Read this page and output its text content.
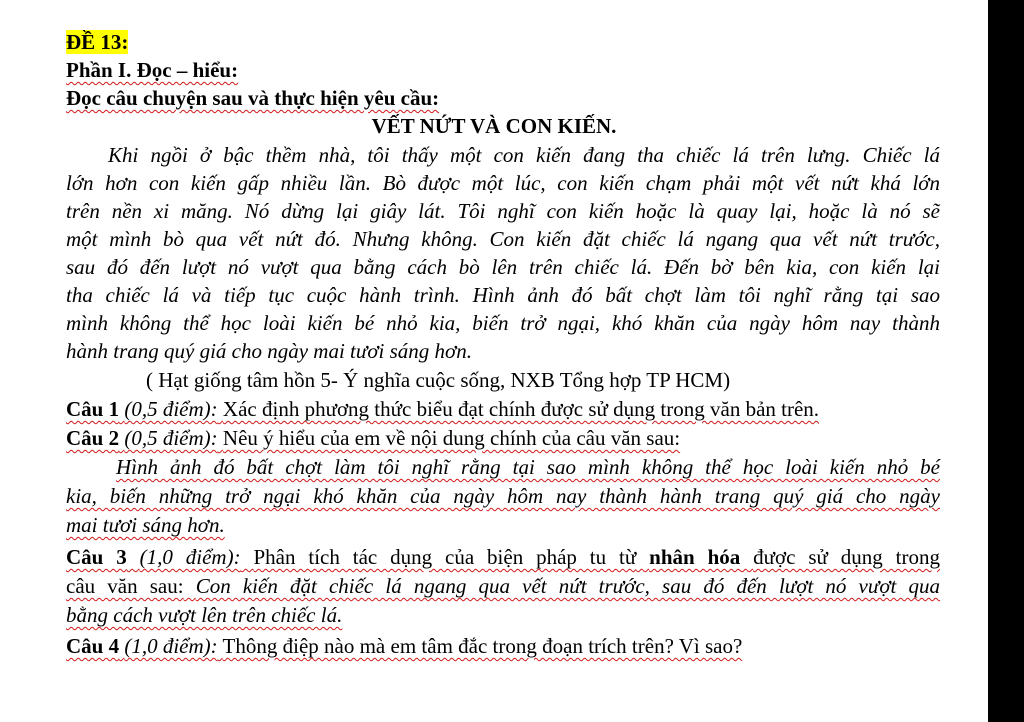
ĐỀ 13:
Phần I. Đọc – hiểu:
Đọc câu chuyện sau và thực hiện yêu cầu:
VẾT NỨT VÀ CON KIẾN.
Khi ngồi ở bậc thềm nhà, tôi thấy một con kiến đang tha chiếc lá trên lưng. Chiếc lá
lớn hơn con kiến gấp nhiều lần. Bò được một lúc, con kiến chạm phải một vết nứt khá lớn
trên nền xi măng. Nó dừng lại giây lát. Tôi nghĩ con kiến hoặc là quay lại, hoặc là nó sẽ
một mình bò qua vết nứt đó. Nhưng không. Con kiến đặt chiếc lá ngang qua vết nứt trước,
sau đó đến lượt nó vượt qua bằng cách bò lên trên chiếc lá. Đến bờ bên kia, con kiến lại
tha chiếc lá và tiếp tục cuộc hành trình. Hình ảnh đó bất chợt làm tôi nghĩ rằng tại sao
mình không thể học loài kiến bé nhỏ kia, biến trở ngại, khó khăn của ngày hôm nay thành
hành trang quý giá cho ngày mai tươi sáng hơn.
( Hạt giống tâm hồn 5- Ý nghĩa cuộc sống, NXB Tổng hợp TP HCM)
Câu 1 (0,5 điểm): Xác định phương thức biểu đạt chính được sử dụng trong văn bản trên.
Câu 2 (0,5 điểm): Nêu ý hiểu của em về nội dung chính của câu văn sau:
Hình ảnh đó bất chợt làm tôi nghĩ rằng tại sao mình không thể học loài kiến nhỏ bé
kia, biến những trở ngại khó khăn của ngày hôm nay thành hành trang quý giá cho ngày
mai tươi sáng hơn.
Câu 3 (1,0 điểm): Phân tích tác dụng của biện pháp tu từ nhân hóa được sử dụng trong
câu văn sau: Con kiến đặt chiếc lá ngang qua vết nứt trước, sau đó đến lượt nó vượt qua
bằng cách vượt lên trên chiếc lá.
Câu 4 (1,0 điểm): Thông điệp nào mà em tâm đắc trong đoạn trích trên? Vì sao?
